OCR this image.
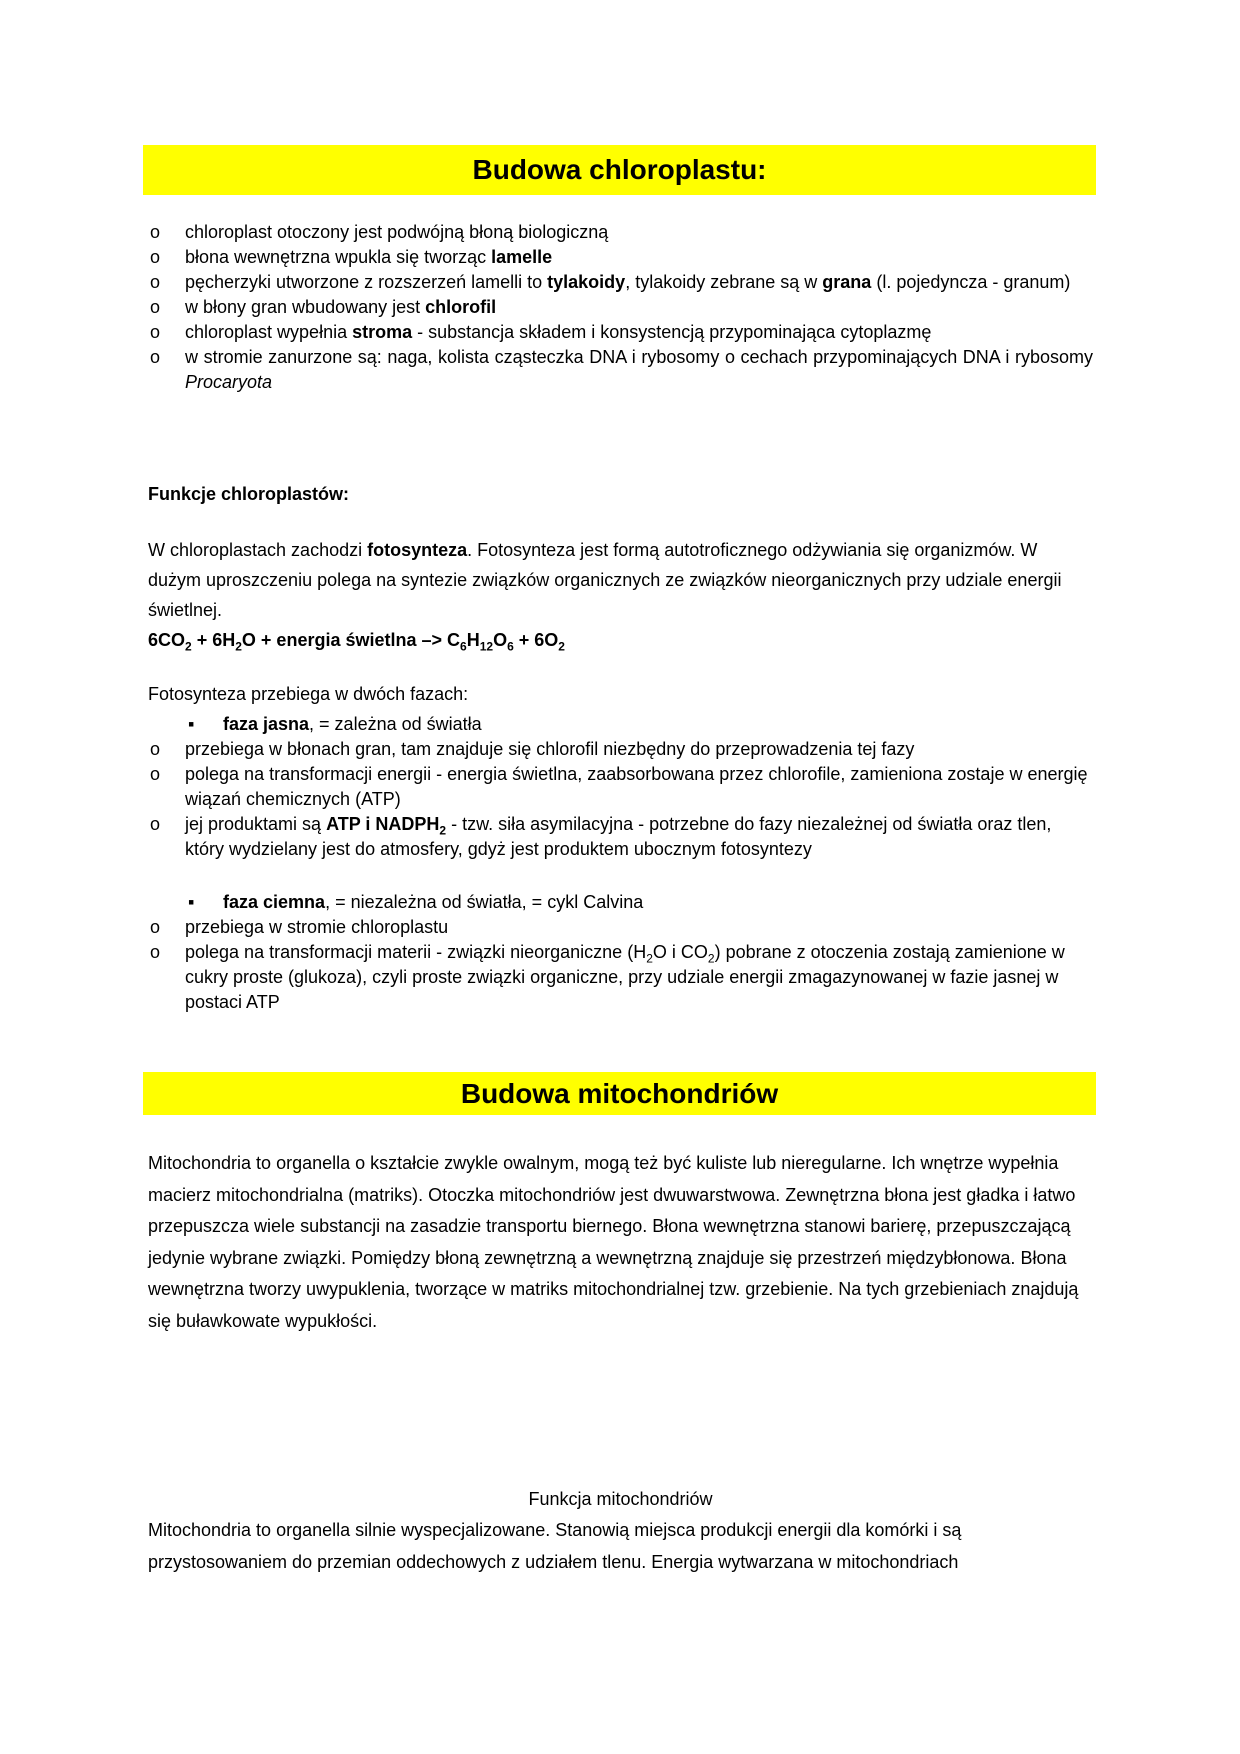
Budowa chloroplastu:
o chloroplast otoczony jest podwójną błoną biologiczną
o błona wewnętrzna wpukla się tworząc lamelle
o pęcherzyki utworzone z rozszerzeń lamelli to tylakoidy, tylakoidy zebrane są w grana (l. pojedyncza - granum)
o w błony gran wbudowany jest chlorofil
o chloroplast wypełnia stroma - substancja składem i konsystencją przypominająca cytoplazmę
o w stromie zanurzone są: naga, kolista cząsteczka DNA i rybosomy o cechach przypominających DNA i rybosomy Procaryota

Funkcje chloroplastów:

W chloroplastach zachodzi fotosynteza. Fotosynteza jest formą autotroficznego odżywiania się organizmów. W dużym uproszczeniu polega na syntezie związków organicznych ze związków nieorganicznych przy udziale energii świetlnej.

$6CO_2 + 6H_2O$ + energia świetlna –> $C_6H_{12}O_6 + 6O_2$

Fotosynteza przebiega w dwóch fazach:

▪ faza jasna, = zależna od światła

o przebiega w błonach gran, tam znajduje się chlorofil niezbędny do przeprowadzenia tej fazy
o polega na transformacji energii - energia świetlna, zaabsorbowana przez chlorofile, zamieniona zostaje w energię wiązań chemicznych (ATP)
o jej produktami są ATP i $NADPH_2$ - tzw. siła asymilacyjna - potrzebne do fazy niezależnej od światła oraz tlen, który wydzielany jest do atmosfery, gdyż jest produktem ubocznym fotosyntezy

▪ faza ciemna, = niezależna od światła, = cykl Calvina

o przebiega w stromie chloroplastu
o polega na transformacji materii - związki nieorganiczne ($H_2O$ i $CO_2$) pobrane z otoczenia zostają zamienione w cukry proste (glukoza), czyli proste związki organiczne, przy udziale energii zmagazynowanej w fazie jasnej w postaci ATP
Budowa mitochondriów

Mitochondria to organella o kształcie zwykle owalnym, mogą też być kuliste lub nieregularne. Ich wnętrze wypełnia macierz mitochondrialna (matriks). Otoczka mitochondriów jest dwuwarstwowa. Zewnętrzna błona jest gładka i łatwo przepuszcza wiele substancji na zasadzie transportu biernego. Błona wewnętrzna stanowi barierę, przepuszczającą jedynie wybrane związki. Pomiędzy błoną zewnętrzną a wewnętrzną znajduje się przestrzeń międzybłonowa. Błona wewnętrzna tworzy uwypuklenia, tworzące w matriks mitochondrialnej tzw. grzebienie. Na tych grzebieniach znajdują się buławkowate wypukłości.

Funkcja mitochondriów

Mitochondria to organella silnie wyspecjalizowane. Stanowią miejsca produkcji energii dla komórki i są przystosowaniem do przemian oddechowych z udziałem tlenu. Energia wytwarzana w mitochondriach
